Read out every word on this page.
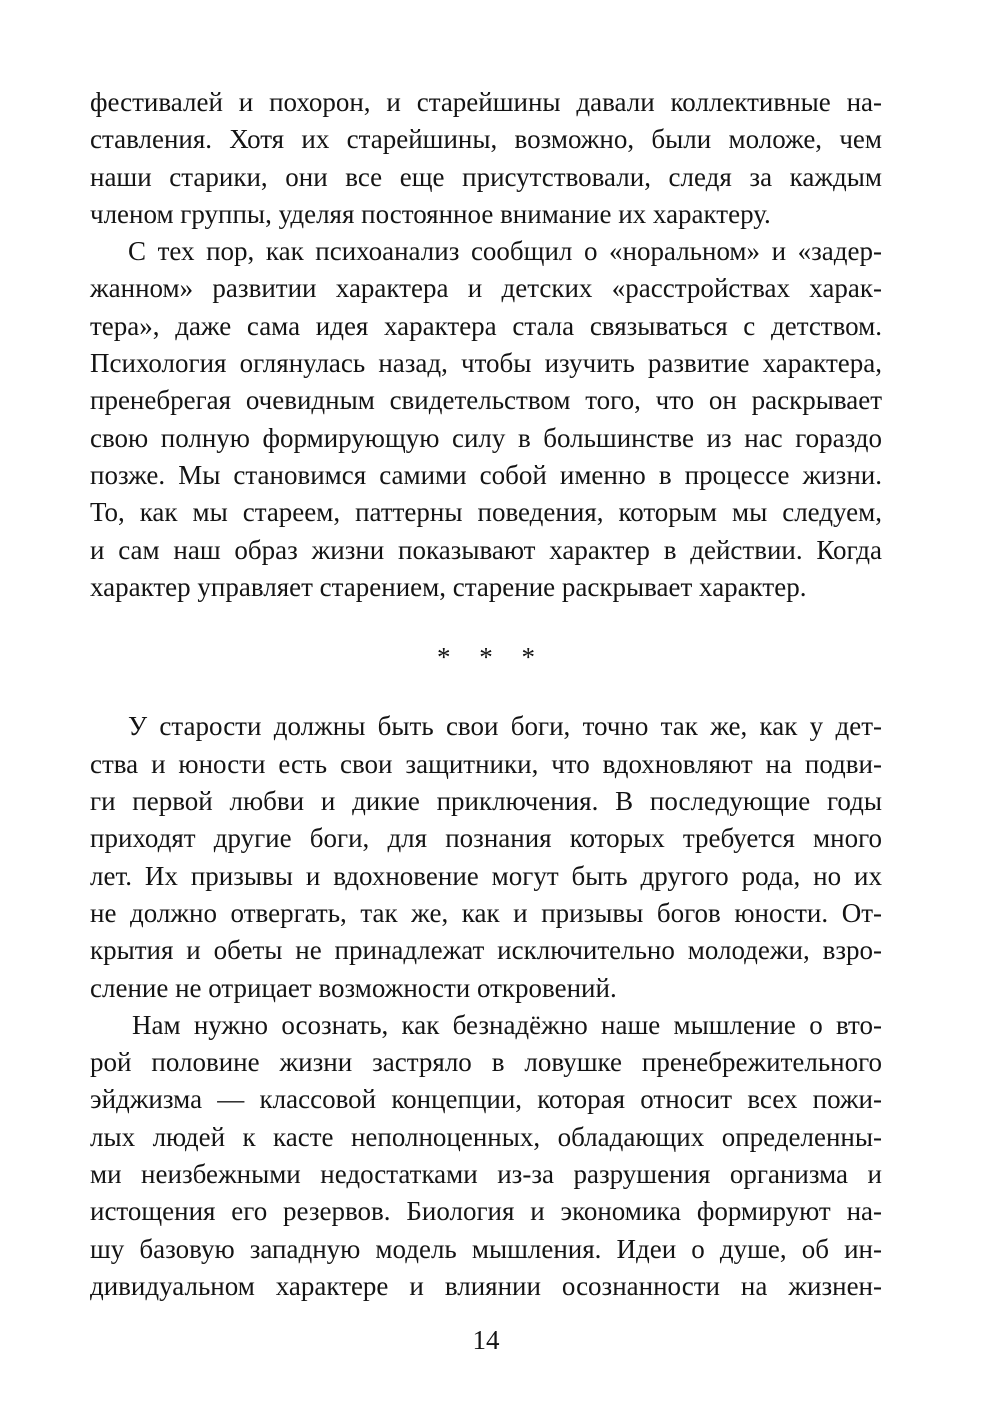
фестивалей и похорон, и старейшины давали коллективные на-
ставления. Хотя их старейшины, возможно, были моложе, чем
наши старики, они все еще присутствовали, следя за каждым
членом группы, уделяя постоянное внимание их характеру.
С тех пор, как психоанализ сообщил о «норальном» и «задер-
жанном» развитии характера и детских «расстройствах харак-
тера», даже сама идея характера стала связываться с детством.
Психология оглянулась назад, чтобы изучить развитие характера,
пренебрегая очевидным свидетельством того, что он раскрывает
свою полную формирующую силу в большинстве из нас гораздо
позже. Мы становимся самими собой именно в процессе жизни.
То, как мы стареем, паттерны поведения, которым мы следуем,
и сам наш образ жизни показывают характер в действии. Когда
характер управляет старением, старение раскрывает характер.
* * *
У старости должны быть свои боги, точно так же, как у дет-
ства и юности есть свои защитники, что вдохновляют на подви-
ги первой любви и дикие приключения. В последующие годы
приходят другие боги, для познания которых требуется много
лет. Их призывы и вдохновение могут быть другого рода, но их
не должно отвергать, так же, как и призывы богов юности. От-
крытия и обеты не принадлежат исключительно молодежи, взро-
сление не отрицает возможности откровений.
Нам нужно осознать, как безнадёжно наше мышление о вто-
рой половине жизни застряло в ловушке пренебрежительного
эйджизма — классовой концепции, которая относит всех пожи-
лых людей к касте неполноценных, обладающих определенны-
ми неизбежными недостатками из-за разрушения организма и
истощения его резервов. Биология и экономика формируют на-
шу базовую западную модель мышления. Идеи о душе, об ин-
дивидуальном характере и влиянии осознанности на жизнен-
14
